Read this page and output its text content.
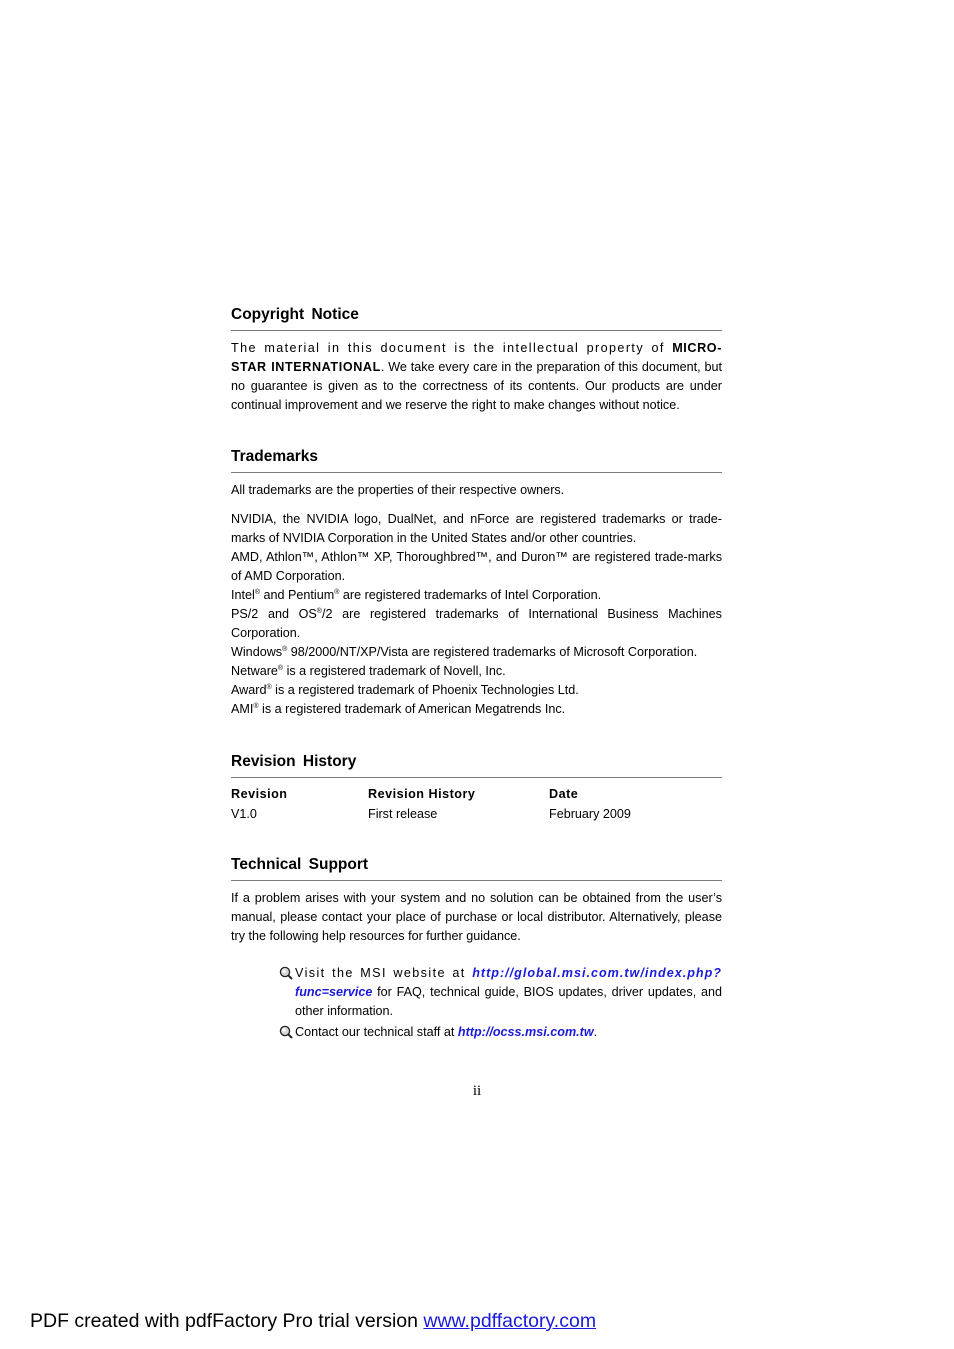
Copyright Notice

The material in this document is the intellectual property of MICRO-STAR INTERNATIONAL. We take every care in the preparation of this document, but no guarantee is given as to the correctness of its contents. Our products are under continual improvement and we reserve the right to make changes without notice.

Trademarks

All trademarks are the properties of their respective owners.

NVIDIA, the NVIDIA logo, DualNet, and nForce are registered trademarks or trade-marks of NVIDIA Corporation in the United States and/or other countries.

AMD, Athlon™, Athlon™ XP, Thoroughbred™, and Duron™ are registered trade-marks of AMD Corporation.

Intel® and Pentium® are registered trademarks of Intel Corporation.

PS/2 and OS®/2 are registered trademarks of International Business Machines Corporation.

Windows® 98/2000/NT/XP/Vista are registered trademarks of Microsoft Corporation.

Netware® is a registered trademark of Novell, Inc.

Award® is a registered trademark of Phoenix Technologies Ltd.

AMI® is a registered trademark of American Megatrends Inc.

Revision History
Revision	Revision History	Date
V1.0	First release	February 2009
Technical Support

If a problem arises with your system and no solution can be obtained from the user’s manual, please contact your place of purchase or local distributor. Alternatively, please try the following help resources for further guidance.

Visit the MSI website at http://global.msi.com.tw/index.php? func=service for FAQ, technical guide, BIOS updates, driver updates, and other information.
Contact our technical staff at http://ocss.msi.com.tw.
ii
PDF created with pdfFactory Pro trial version www.pdffactory.com
